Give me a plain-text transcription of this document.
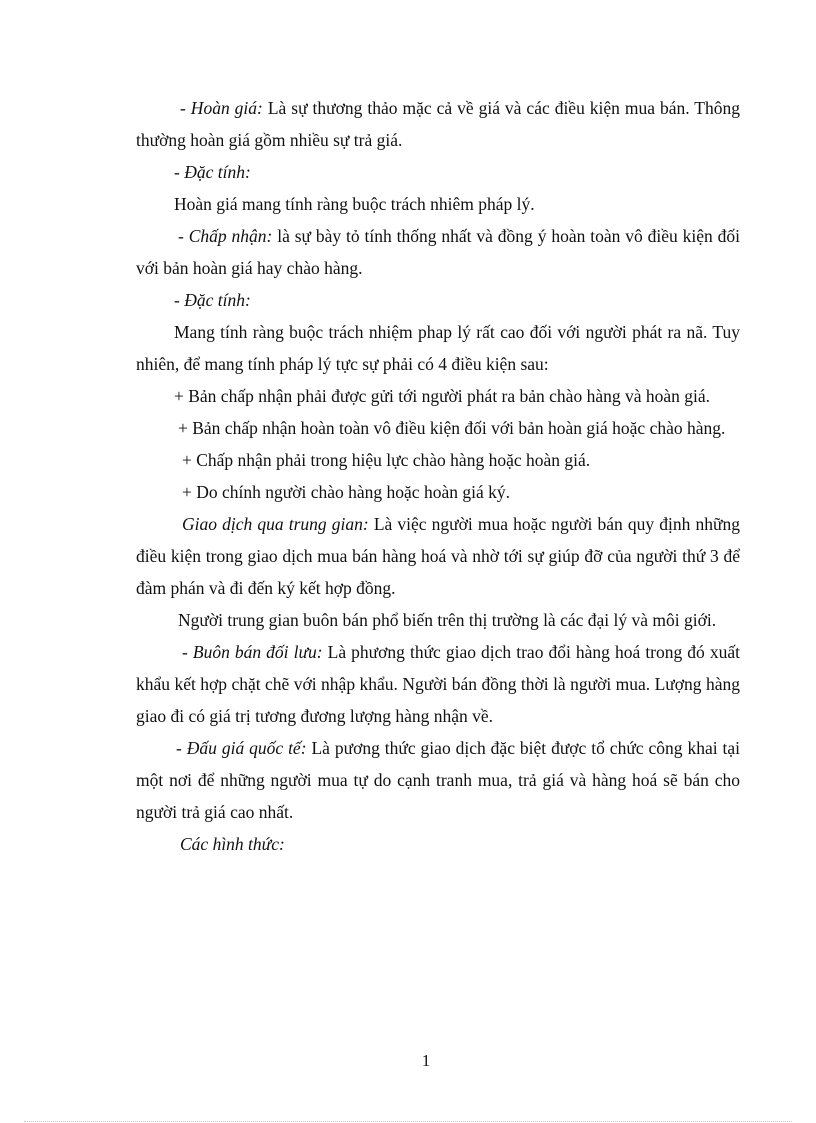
- Hoàn giá: Là sự thương thảo mặc cả về giá và các điều kiện mua bán. Thông thường hoàn giá gồm nhiều sự trả giá.

- Đặc tính:

Hoàn giá mang tính ràng buộc trách nhiêm pháp lý.

- Chấp nhận: là sự bày tỏ tính thống nhất và đồng ý hoàn toàn vô điều kiện đối với bản hoàn giá hay chào hàng.

- Đặc tính:

Mang tính ràng buộc trách nhiệm phap lý rất cao đối với người phát ra nã. Tuy nhiên, để mang tính pháp lý tực sự phải có 4 điều kiện sau:

+ Bản chấp nhận phải được gửi tới người phát ra bản chào hàng và hoàn giá.

+ Bản chấp nhận hoàn toàn vô điều kiện đối với bản hoàn giá hoặc chào hàng.

+ Chấp nhận phải trong hiệu lực chào hàng hoặc hoàn giá.

+ Do chính người chào hàng hoặc hoàn giá ký.

Giao dịch qua trung gian: Là việc người mua hoặc người bán quy định những điều kiện trong giao dịch mua bán hàng hoá và nhờ tới sự giúp đỡ của người thứ 3 để đàm phán và đi đến ký kết hợp đồng.

Người trung gian buôn bán phổ biến trên thị trường là các đại lý và môi giới.

- Buôn bán đối lưu: Là phương thức giao dịch trao đổi hàng hoá trong đó xuất khẩu kết hợp chặt chẽ với nhập khẩu. Người bán đồng thời là người mua. Lượng hàng giao đi có giá trị tương đương lượng hàng nhận về.

- Đấu giá quốc tế: Là pương thức giao dịch đặc biệt được tổ chức công khai tại một nơi để những người mua tự do cạnh tranh mua, trả giá và hàng hoá sẽ bán cho người trả giá cao nhất.

Các hình thức:

1
